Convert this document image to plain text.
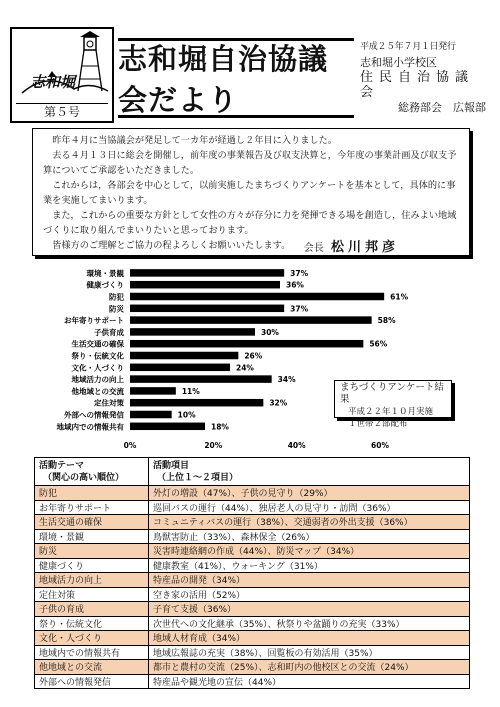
志和堀
第５号
志和堀自治協議会だより
平成２５年７月１日発行
志和堀小学校区
住民自治協議会
総務部会　広報部

昨年４月に当協議会が発足して一カ年が経過し２年目に入りました。

去る４月１３日に総会を開催し，前年度の事業報告及び収支決算と，今年度の事業計画及び収支予算についてご承認をいただきました。

これからは，各部会を中心として，以前実施したまちづくりアンケートを基本として，具体的に事業を実施してまいります。

また，これからの重要な方針として女性の方々が存分に力を発揮できる場を創造し，住みよい地域づくりに取り組んでまいりたいと思っております。

皆様方のご理解とご協力の程よろしくお願いいたします。	会長 松川邦彦
環境・景観	37%
健康づくり	36%
防犯	61%
防災	37%
お年寄りサポート	58%
子供育成	30%
生活交通の確保	56%
祭り・伝統文化	26%
文化・人づくり	24%
地域活力の向上	34%
他地域との交流	11%
定住対策	32%
外部への情報発信	10%
地域内での情報共有	18%
0%	20%	40%	60%
まちづくりアンケート結果
平成２２年１０月実施
１世帯２部配布
活動テーマ
（関心の高い順位）	活動項目
（上位１～２項目）

防犯	外灯の増設（47%）、子供の見守り（29%）
お年寄りサポート	巡回バスの運行（44%）、独居老人の見守り・訪問（36%）
生活交通の確保	コミュニティバスの運行（38%）、交通弱者の外出支援（36%）
環境・景観	鳥獣害防止（33%）、森林保全（26%）
防災	災害時連絡網の作成（44%）、防災マップ（34%）
健康づくり	健康教室（41%）、ウォーキング（31%）
地域活力の向上	特産品の開発（34%）
定住対策	空き家の活用（52%）
子供の育成	子育て支援（36%）
祭り・伝統文化	次世代への文化継承（35%）、秋祭りや盆踊りの充実（33%）
文化・人づくり	地域人材育成（34%）
地域内での情報共有	地域広報誌の充実（38%）、回覧板の有効活用（35%）
他地域との交流	都市と農村の交流（25%）、志和町内の他校区との交流（24%）
外部への情報発信	特産品や観光地の宣伝（44%）
